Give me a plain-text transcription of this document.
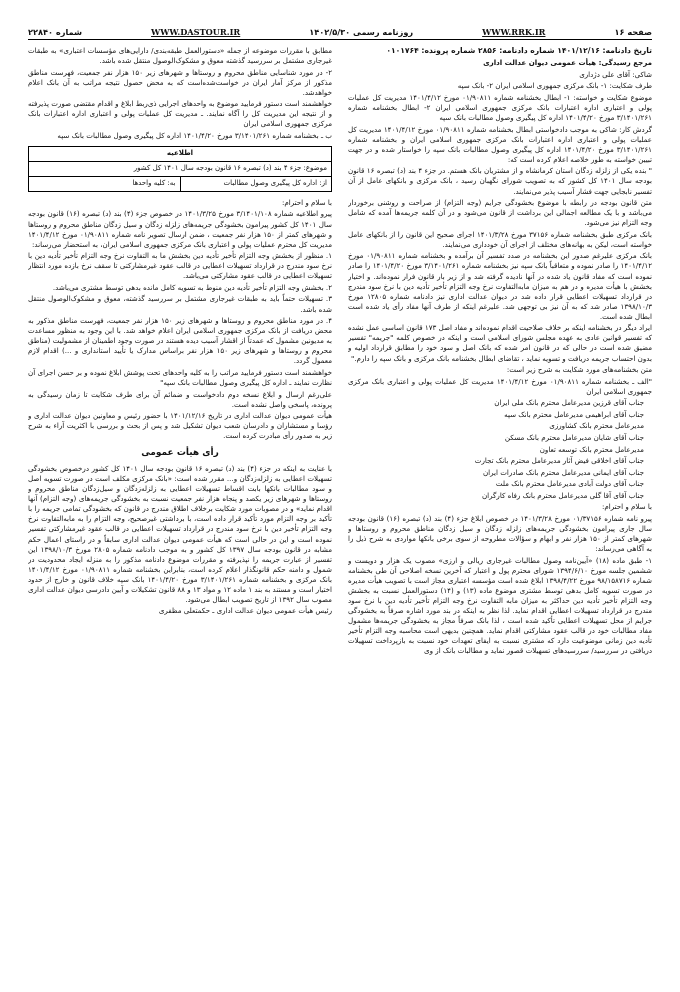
صفحه ۱۶
WWW.RRK.IR
روزنامه رسمی ۱۴۰۲/۵/۳۰
WWW.DASTOUR.IR
شماره ۲۲۸۴۰

تاریخ دادنامه: ۱۴۰۱/۱۲/۱۶ شماره دادنامه: ۲۸۵۶ شماره پرونده: ۰۱۰۱۷۶۴

مرجع رسیدگی: هیأت عمومی دیوان عدالت اداری

شاکی: آقای علی دژداری

طرف شکایت: ۱- بانک مرکزی جمهوری اسلامی ایران ۲- بانک سپه

موضوع شکایت و خواسته: ۱- ابطال بخشنامه شماره ۰۱/۹۰۸۱۱ مورخ ۱۴۰۱/۴/۱۲ مدیریت کل عملیات پولی و اعتباری اداره اعتبارات بانک مرکزی جمهوری اسلامی ایران ۲- ابطال بخشنامه شماره ۳/۱۴۰۱/۲۶۱ مورخ ۱۴۰۱/۴/۲۰ اداره کل پیگیری وصول مطالبات بانک سپه

گردش کار: شاکی به موجب دادخواستی ابطال بخشنامه شماره ۰۱/۹۰۸۱۱ مورخ ۱۴۰۱/۴/۱۲ مدیریت کل عملیات پولی و اعتباری اداره اعتبارات بانک مرکزی جمهوری اسلامی ایران و بخشنامه شماره ۳/۱۴۰۱/۲۶۱ مورخ ۱۴۰۱/۴/۲۰ اداره کل پیگیری وصول مطالبات بانک سپه را خواستار شده و در جهت تبیین خواسته به طور خلاصه اعلام کرده است که:

" بنده یکی از زلزله زدگان استان کرمانشاه و از مشتریان بانک هستم. در جزء ۴ بند (د) تبصره ۱۶ قانون بودجه سال ۱۴۰۱ کل کشور که به تصویب شورای نگهبان رسید ، بانک مرکزی و بانکهای عامل از آن تفسیر نابجایی جهت فشار آسیب پذیر می‌نمایند.

متن قانون بودجه در رابطه با موضوع بخشودگی جرایم (وجه التزام) از صراحت و روشنی برخوردار می‌باشد و با یک مطالعه اجمالی این برداشت از قانون می‌شود و در آن کلمه جریمه‌ها آمده که شامل وجه التزام نیز می‌شود.

بانک مرکزی طبق بخشنامه شماره ۳۷۱۵۶ مورخ ۱۴۰۱/۳/۲۸ اجرای صحیح این قانون را از بانکهای عامل خواسته است، لیکن به بهانه‌های مختلف از اجرای آن خودداری می‌نمایند.

بانک مرکزی علیرغم صدور این بخشنامه در صدد تفسیر آن برآمده و بخشنامه شماره ۰۱/۹۰۸۱۱ مورخ ۱۴۰۱/۴/۱۲ را صادر نموده و متعاقباً بانک سپه نیز بخشنامه شماره ۳/۱۴۰۱/۲۶۱ مورخ ۱۴۰۱/۴/۲۰ را صادر نموده است که مفاد قانون یاد شده در آنها نادیده گرفته شد و از زیر بار قانون فرار نموده‌اند. و اختیار بخشش با هیأت مدیره و در هم به میزان مابه‌التفاوت نرخ وجه التزام تأخیر تأدیه دین با نرخ سود مندرج در قرارداد تسهیلات اعطایی قرار داده شد در دیوان عدالت اداری نیز دادنامه شماره ۱۲۸۰۵ مورخ ۱۳۹۸/۱۰/۳ صادر شد که به آن نیز بی توجهی شد. علیرغم اینکه از طرف آنها مفاد رأی یاد شده است ابطال شده است.

ایراد دیگر در بخشنامه اینکه بر خلاف صلاحیت اقدام نموده‌اند و مفاد اصل ۱۷۳ قانون اساسی عمل نشده که تفسیر قوانین عادی به عهده مجلس شورای اسلامی است و اینکه در خصوص کلمه "جریمه" تفسیر مضیق شده است در حالی که در قانون امر شده که بانک اصل و سود خود را مطابق قرارداد اولیه و بدون احتساب جریمه دریافت و تسویه نماید ، تقاضای ابطال بخشنامه بانک مرکزی و بانک سپه را دارم."

متن بخشنامه‌های مورد شکایت به شرح زیر است:

"الف ـ بخشنامه شماره ۰۱/۹۰۸۱۱ مورخ ۱۴۰۱/۴/۱۲ مدیریت کل عملیات پولی و اعتباری بانک مرکزی جمهوری اسلامی ایران

جناب آقای قرزین مدیرعامل محترم بانک ملی ایران

جناب آقای ابراهیمی مدیرعامل محترم بانک سپه

مدیرعامل محترم بانک کشاورزی

جناب آقای شایان مدیرعامل محترم بانک مسکن

مدیرعامل محترم بانک توسعه تعاون

جناب آقای اخلاقی فیض آثار مدیرعامل محترم بانک تجارت

جناب آقای ایمانی مدیرعامل محترم بانک صادرات ایران

جناب آقای دولت آبادی مدیرعامل محترم بانک ملت

جناب آقای آقا گلی مدیرعامل محترم بانک رفاه کارگران

با سلام و احترام:

پیرو نامه شماره ۰۱/۳۷۱۵۶ مورخ ۱۴۰۱/۳/۲۸ در خصوص ابلاغ جزء (۴) بند (د) تبصره (۱۶) قانون بودجه سال جاری پیرامون بخشودگی جریمه‌های زلزله زدگان و سیل زدگان مناطق محروم و روستاها و شهرهای کمتر از ۱۵۰ هزار نفر و ابهام و سؤالات مطروحه از سوی برخی بانکها مواردی به شرح ذیل را به آگاهی می‌رساند:

۱- طبق ماده (۱۸) «آیین‌نامه وصول مطالبات غیرجاری ریالی و ارزی» مصوب یک هزار و دویست و ششمین جلسه مورخ ۱۳۹۴/۶/۱۰ شورای محترم پول و اعتبار که آخرین نسخه اصلاحی آن طی بخشنامه شماره ۹۸/۱۵۸۷۱۶ مورخ ۱۳۹۸/۴/۲۲ ابلاغ شده است مؤسسه اعتباری مجاز است با تصویب هیأت مدیره در صورت تسویه کامل بدهی توسط مشتری موضوع ماده (۱۳) و (۱۴) دستورالعمل نسبت به بخشش وجه التزام تأخیر تأدیه دین حداکثر به میزان مابه التفاوت نرخ وجه التزام تأخیر تأدیه دین با نرخ سود مندرج در قرارداد تسهیلات اعطایی اقدام نماید. لذا نظر به اینکه در بند مورد اشاره صرفاً به بخشودگی جرایم از محل تسهیلات اعطایی تأکید شده است ، لذا بانک صرفاً مجاز به بخشودگی جریمه‌ها مشمول مفاد مطالبات خود در قالب عقود مشارکتی اقدام نماید. همچنین بدیهی است محاسبه وجه التزام تأخیر تأدیه دین زمانی موضوعیت دارد که مشتری نسبت به ایفای تعهدات خود نسبت به بازپرداخت تسهیلات دریافتی در سررسید/ سررسیدهای تسهیلات قصور نماید و مطالبات بانک از وی

مطابق با مقررات موضوعه از جمله «دستورالعمل طبقه‌بندی/ دارایی‌های مؤسسات اعتباری» به طبقات غیرجاری مشتمل بر سررسید گذشته معوق و مشکوک‌الوصول منتقل شده باشد.

۲- در مورد شناسایی مناطق محروم و روستاها و شهرهای زیر ۱۵۰ هزار نفر جمعیت، فهرست مناطق مذکور از مرکز آمار ایران در خواست‌شده‌است که به محض حصول نتیجه مراتب به آن بانک اعلام خواهدشد.

خواهشمند است دستور فرمایید موضوع به واحدهای اجرایی ذی‌ربط ابلاغ و اقدام مقتضی صورت پذیرفته و از نتیجه این مدیریت کل را آگاه نمایند. ـ مدیریت کل عملیات پولی و اعتباری اداره اعتبارات بانک مرکزی جمهوری اسلامی ایران

ب ـ بخشنامه شماره ۳/۱۴۰۱/۲۶۱ مورخ ۱۴۰۱/۴/۲۰ اداره کل پیگیری وصول مطالبات بانک سپه

اطلاعیه
موضوع: جزء ۴ بند (د) تبصره ۱۶ قانون بودجه سال ۱۴۰۱ کل کشور
از: اداره کل پیگیری وصول مطالبات
به: کلیه واحدها

با سلام و احترام:

پیرو اطلاعیه شماره ۳/۱۴۰۱/۱۰۸ مورخ ۱۴۰۱/۳/۲۵ در خصوص جزء (۴) بند (د) تبصره (۱۶) قانون بودجه سال ۱۴۰۱ کل کشور پیرامون بخشودگی جریمه‌های زلزله زدگان و سیل زدگان مناطق محروم و روستاها و شهرهای کمتر از ۱۵۰ هزار نفر جمعیت ، ضمن ارسال تصویر نامه شماره ۰۱/۹۰۸۱۱ مورخ ۱۴۰۱/۴/۱۲ مدیریت کل محترم عملیات پولی و اعتباری بانک مرکزی جمهوری اسلامی ایران، به استحضار می‌رساند:

۱. منظور از بخشش وجه التزام تأخیر تأدیه دین بخشش ما به التفاوت نرخ وجه التزام تأخیر تأدیه دین با نرخ سود مندرج در قرارداد تسهیلات اعطایی در قالب عقود غیرمشارکتی تا سقف نرخ بازده مورد انتظار تسهیلات اعطایی در قالب عقود مشارکتی می‌باشد.

۲. بخشش وجه التزام تأخیر تأدیه دین منوط به تسویه کامل مانده بدهی توسط مشتری می‌باشد.

۳. تسهیلات حتماً باید به طبقات غیرجاری مشتمل بر سررسید گذشته، معوق و مشکوک‌الوصول منتقل شده باشد.

۴. در مورد مناطق محروم و روستاها و شهرهای زیر ۱۵۰ هزار نفر جمعیت، فهرست مناطق مذکور به محض دریافت از بانک مرکزی جمهوری اسلامی ایران اعلام خواهد شد. با این وجود به منظور مساعدت به مدیونین مشمول که عمدتاً از اقشار آسیب دیده هستند در صورت وجود اطمینان از مشمولیت (مناطق محروم و روستاها و شهرهای زیر ۱۵۰ هزار نفر براساس مدارک یا تأیید استانداری و ...) اقدام لازم معمول گردد.

خواهشمند است دستور فرمایید مراتب را به کلیه واحدهای تحت پوشش ابلاغ نموده و بر حسن اجرای آن نظارت نمایند ـ اداره کل پیگیری وصول مطالبات بانک سپه"

علی‌رغم ارسال و ابلاغ نسخه دوم دادخواست و ضمائم آن برای طرف شکایت تا زمان رسیدگی به پرونده، پاسخی واصل نشده است.

هیأت عمومی دیوان عدالت اداری در تاریخ ۱۴۰۱/۱۲/۱۶ با حضور رئیس و معاونین دیوان عدالت اداری و رؤسا و مستشاران و دادرسان شعب دیوان تشکیل شد و پس از بحث و بررسی با اکثریت آراء به شرح زیر به صدور رأی مبادرت کرده است.

رأی هیأت عمومی

با عنایت به اینکه در جزء (۴) بند (د) تبصره ۱۶ قانون بودجه سال ۱۴۰۱ کل کشور درخصوص بخشودگی تسهیلات اعطایی به زلزله‌زدگان و... مقرر شده است: «بانک مرکزی مکلف است در صورت تسویه اصل و سود مطالبات بانکها بابت اقساط تسهیلات اعطایی به زلزله‌زدگان و سیل‌زدگان مناطق محروم و روستاها و شهرهای زیر یکصد و پنجاه هزار نفر جمعیت نسبت به بخشودگی جریمه‌های (وجه التزام) آنها اقدام نماید» و در مصوبات مورد شکایت برخلاف اطلاق مندرج در قانون که بخشودگی تمامی جریمه را با تأکید بر وجه التزام مورد تأکید قرار داده است، با برداشتی غیرصحیح، وجه التزام را به مابه‌التفاوت نرخ وجه التزام تأخیر دین با نرخ سود مندرج در قرارداد تسهیلات اعطایی در قالب عقود غیرمشارکتی تفسیر نموده است و این در حالی است که هیأت عمومی دیوان عدالت اداری سابقاً و در راستای اعمال حکم مشابه در قانون بودجه سال ۱۳۹۷ کل کشور و به موجب دادنامه شماره ۲۸۰۵ مورخ ۱۳۹۸/۱۰/۳ این تفسیر از عبارت جریمه را نپذیرفته و مقررات موضوع دادنامه مذکور را به منزله ایجاد محدودیت در شمول و دامنه حکم قانونگذار اعلام کرده است، بنابراین بخشنامه شماره ۰۱/۹۰۸۱۱ مورخ ۱۴۰۱/۴/۱۲ بانک مرکزی و بخشنامه شماره ۳/۱۴۰۱/۲۶۱ مورخ ۱۴۰۱/۴/۲۰ بانک سپه خلاف قانون و خارج از حدود اختیار است و مستند به بند ۱ ماده ۱۲ و مواد ۱۳ و ۸۸ قانون تشکیلات و آیین دادرسی دیوان عدالت اداری مصوب سال ۱۳۹۲ از تاریخ تصویب ابطال می‌شود.

رئیس هیأت عمومی دیوان عدالت اداری ـ حکمتعلی مظفری
